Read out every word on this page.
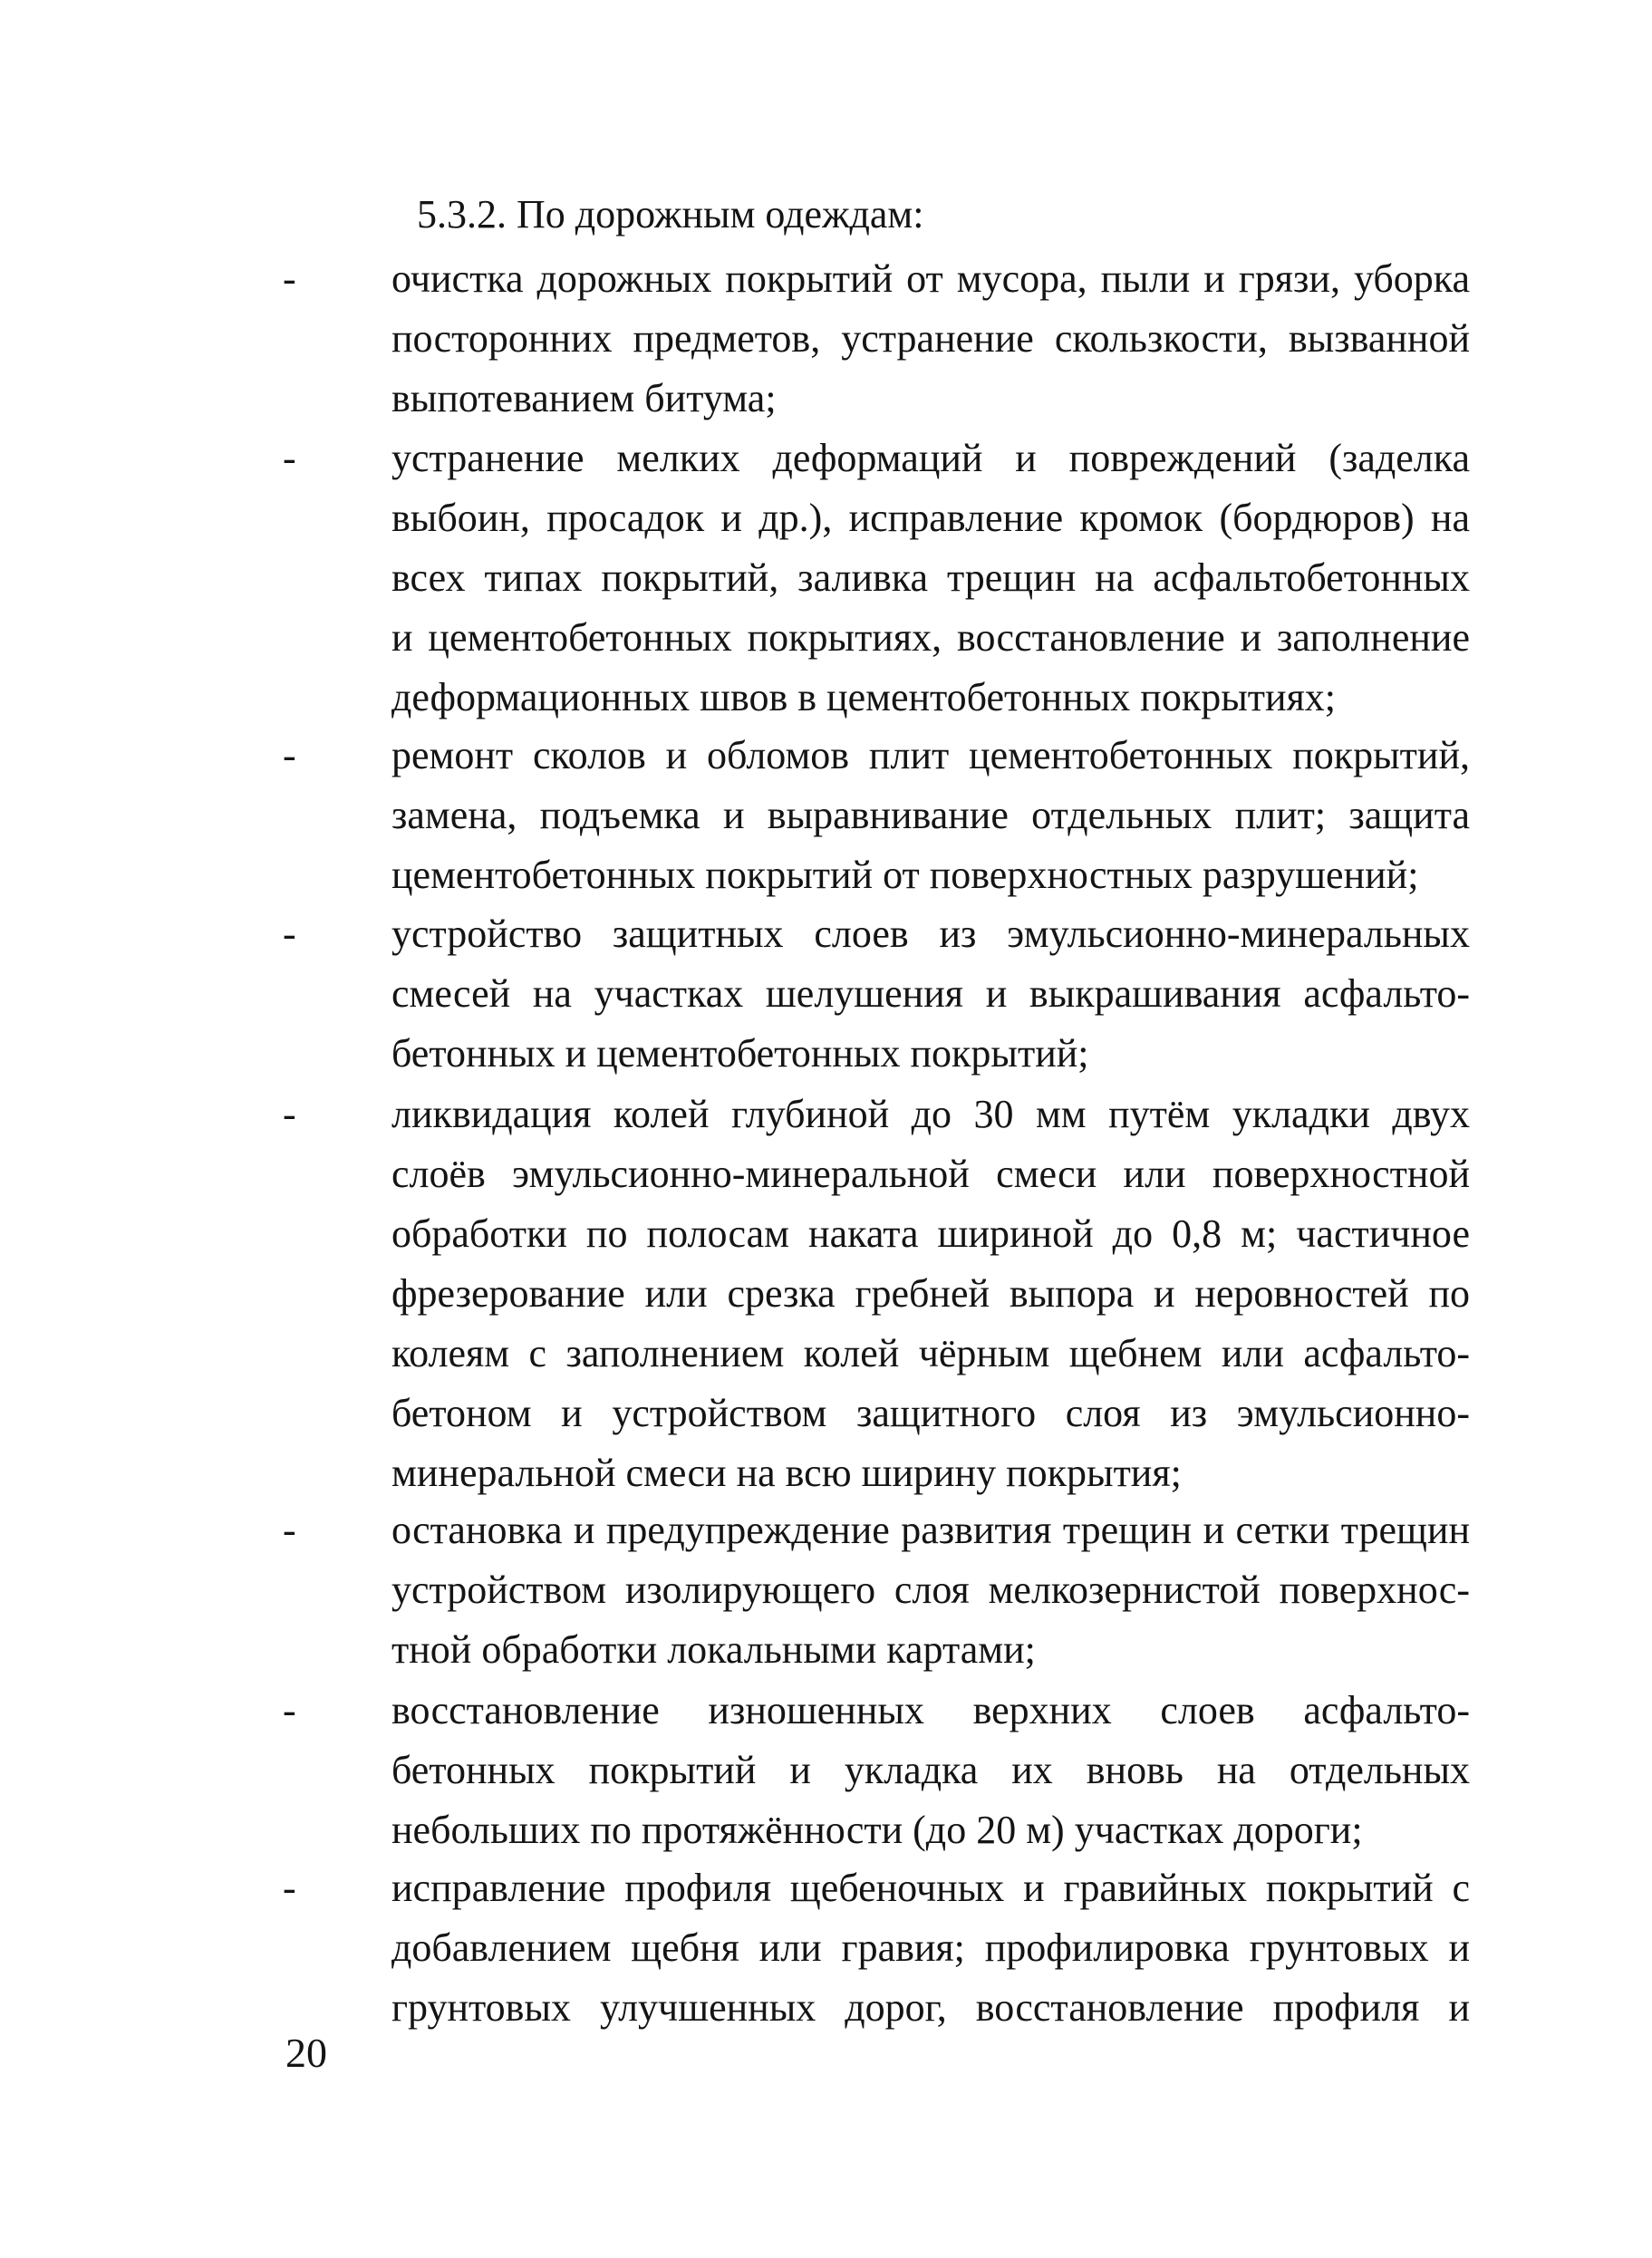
5.3.2. По дорожным одеждам:
- очистка дорожных покрытий от мусора, пыли и грязи, уборка
посторонних предметов, устранение скользкости, вызванной
выпотеванием битума;
- устранение мелких деформаций и повреждений (заделка
выбоин, просадок и др.), исправление кромок (бордюров) на
всех типах покрытий, заливка трещин на асфальтобетонных
и цементобетонных покрытиях, восстановление и заполнение
деформационных швов в цементобетонных покрытиях;
- ремонт сколов и обломов плит цементобетонных покрытий,
замена, подъемка и выравнивание отдельных плит; защита
цементобетонных покрытий от поверхностных разрушений;
- устройство защитных слоев из эмульсионно-минеральных
смесей на участках шелушения и выкрашивания асфальто-
бетонных и цементобетонных покрытий;
- ликвидация колей глубиной до 30 мм путём укладки двух
слоёв эмульсионно-минеральной смеси или поверхностной
обработки по полосам наката шириной до 0,8 м; частичное
фрезерование или срезка гребней выпора и неровностей по
колеям с заполнением колей чёрным щебнем или асфальто-
бетоном и устройством защитного слоя из эмульсионно-
минеральной смеси на всю ширину покрытия;
- остановка и предупреждение развития трещин и сетки трещин
устройством изолирующего слоя мелкозернистой поверхнос-
тной обработки локальными картами;
- восстановление изношенных верхних слоев асфальто-
бетонных покрытий и укладка их вновь на отдельных
небольших по протяжённости (до 20 м) участках дороги;
- исправление профиля щебеночных и гравийных покрытий с
добавлением щебня или гравия; профилировка грунтовых и
грунтовых улучшенных дорог, восстановление профиля и
20
